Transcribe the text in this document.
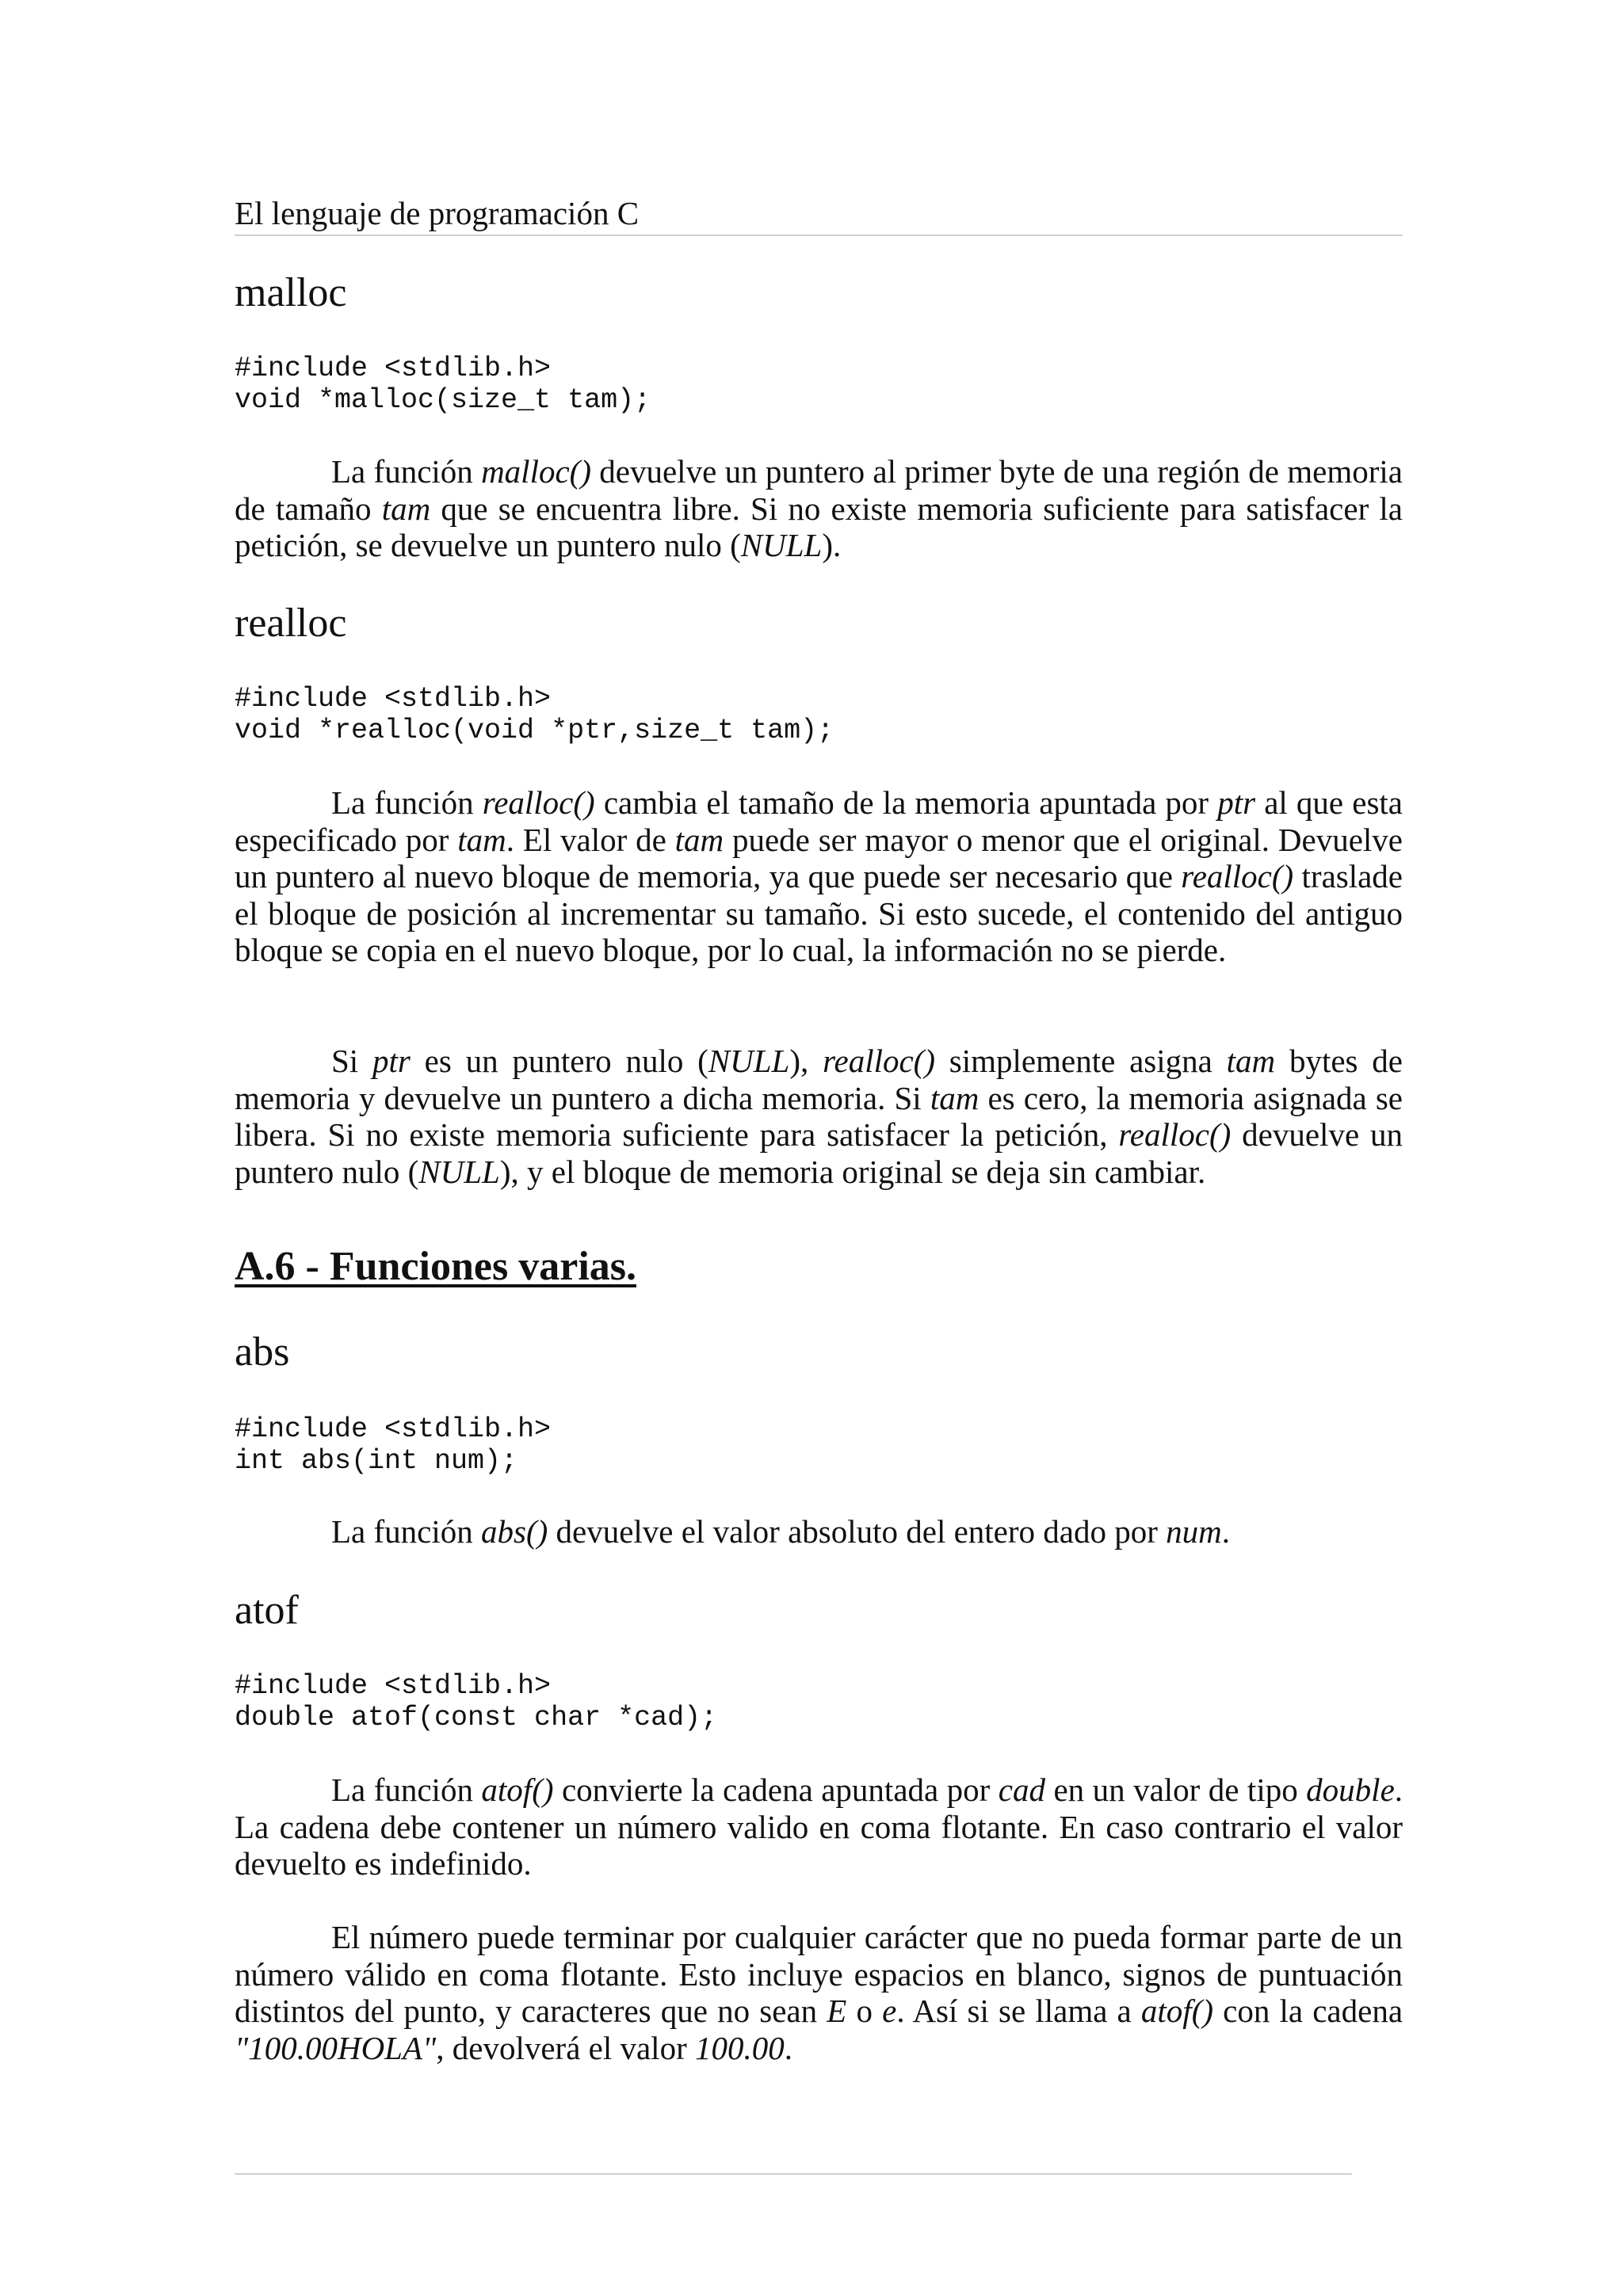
El lenguaje de programación C
malloc
#include <stdlib.h>
void *malloc(size_t tam);

La función malloc() devuelve un puntero al primer byte de una región de memoria de tamaño tam que se encuentra libre. Si no existe memoria suficiente para satisfacer la petición, se devuelve un puntero nulo (NULL).

realloc
#include <stdlib.h>
void *realloc(void *ptr,size_t tam);

La función realloc() cambia el tamaño de la memoria apuntada por ptr al que esta especificado por tam. El valor de tam puede ser mayor o menor que el original. Devuelve un puntero al nuevo bloque de memoria, ya que puede ser necesario que realloc() traslade el bloque de posición al incrementar su tamaño. Si esto sucede, el contenido del antiguo bloque se copia en el nuevo bloque, por lo cual, la información no se pierde.

Si ptr es un puntero nulo (NULL), realloc() simplemente asigna tam bytes de memoria y devuelve un puntero a dicha memoria. Si tam es cero, la memoria asignada se libera. Si no existe memoria suficiente para satisfacer la petición, realloc() devuelve un puntero nulo (NULL), y el bloque de memoria original se deja sin cambiar.

A.6 - Funciones varias.
abs
#include <stdlib.h>
int abs(int num);

La función abs() devuelve el valor absoluto del entero dado por num.

atof
#include <stdlib.h>
double atof(const char *cad);

La función atof() convierte la cadena apuntada por cad en un valor de tipo double. La cadena debe contener un número valido en coma flotante. En caso contrario el valor devuelto es indefinido.

El número puede terminar por cualquier carácter que no pueda formar parte de un número válido en coma flotante. Esto incluye espacios en blanco, signos de puntuación distintos del punto, y caracteres que no sean E o e. Así si se llama a atof() con la cadena "100.00HOLA", devolverá el valor 100.00.
